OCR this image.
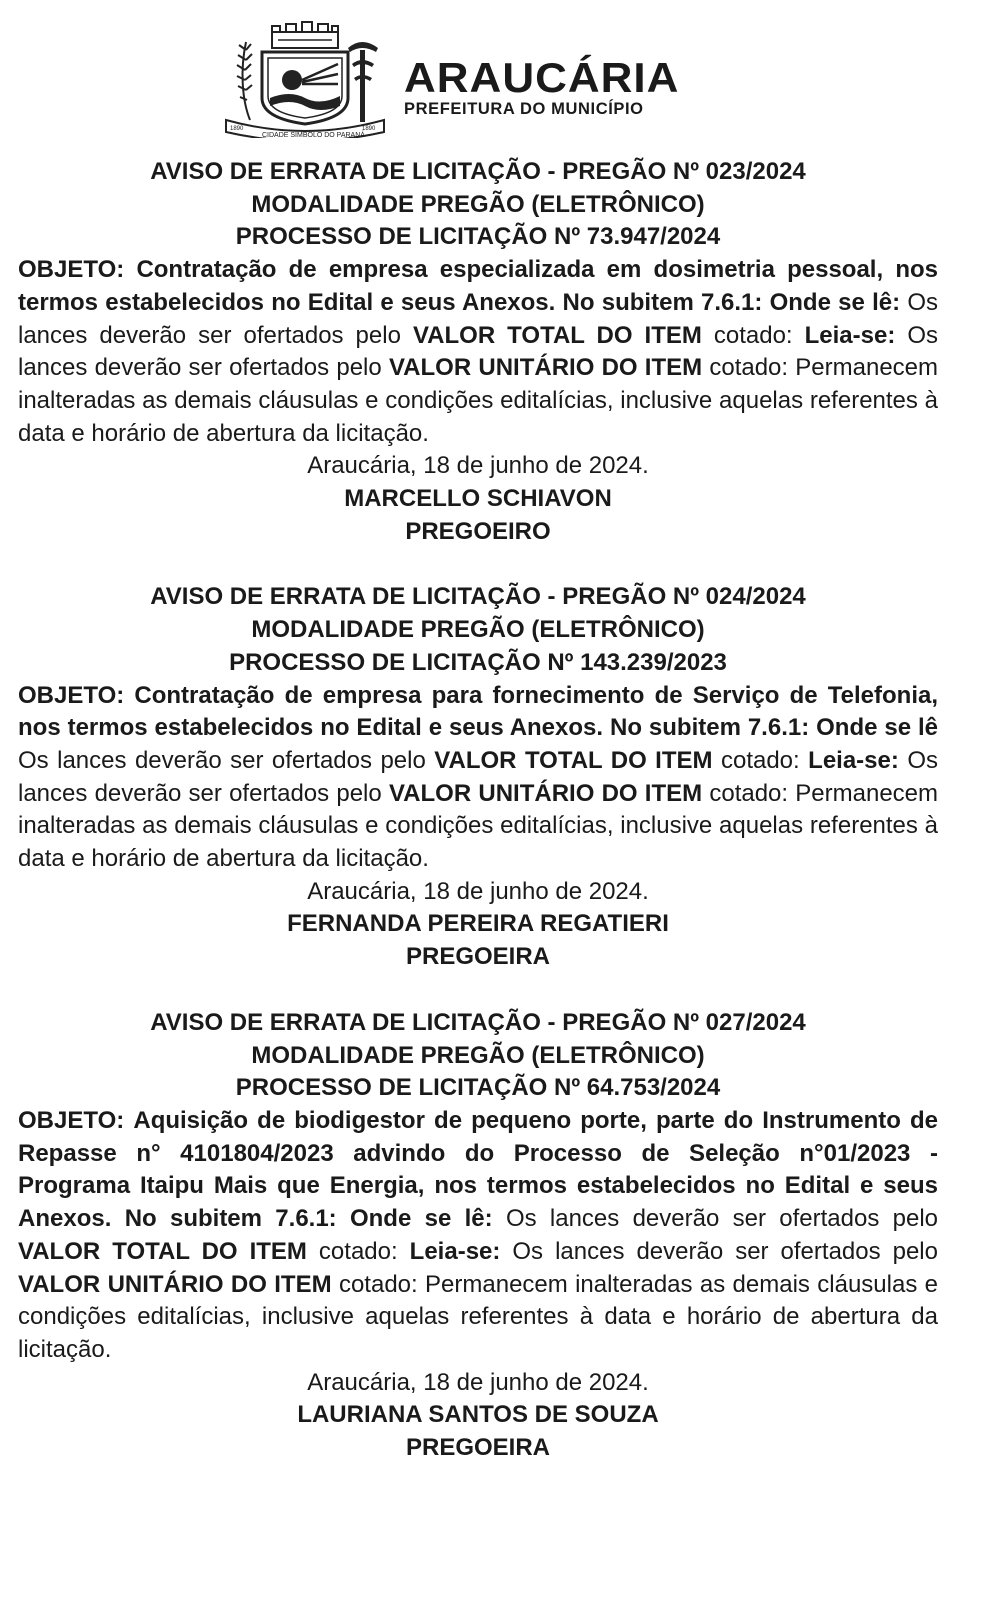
1890
CIDADE SÍMBOLO DO PARANÁ
1890
ARAUCÁRIA
PREFEITURA DO MUNICÍPIO
AVISO DE ERRATA DE LICITAÇÃO - PREGÃO Nº 023/2024
MODALIDADE PREGÃO (ELETRÔNICO)
PROCESSO DE LICITAÇÃO Nº 73.947/2024
OBJETO: Contratação de empresa especializada em dosimetria pessoal, nos termos estabelecidos no Edital e seus Anexos. No subitem 7.6.1: Onde se lê: Os lances deverão ser ofertados pelo VALOR TOTAL DO ITEM cotado: Leia-se: Os lances deverão ser ofertados pelo VALOR UNITÁRIO DO ITEM cotado: Permanecem inalteradas as demais cláusulas e condições editalícias, inclusive aquelas referentes à data e horário de abertura da licitação.
Araucária, 18 de junho de 2024.
MARCELLO SCHIAVON
PREGOEIRO
AVISO DE ERRATA DE LICITAÇÃO - PREGÃO Nº 024/2024
MODALIDADE PREGÃO (ELETRÔNICO)
PROCESSO DE LICITAÇÃO Nº 143.239/2023
OBJETO: Contratação de empresa para fornecimento de Serviço de Telefonia, nos termos estabelecidos no Edital e seus Anexos. No subitem 7.6.1: Onde se lê Os lances deverão ser ofertados pelo VALOR TOTAL DO ITEM cotado: Leia-se: Os lances deverão ser ofertados pelo VALOR UNITÁRIO DO ITEM cotado: Permanecem inalteradas as demais cláusulas e condições editalícias, inclusive aquelas referentes à data e horário de abertura da licitação.
Araucária, 18 de junho de 2024.
FERNANDA PEREIRA REGATIERI
PREGOEIRA
AVISO DE ERRATA DE LICITAÇÃO - PREGÃO Nº 027/2024
MODALIDADE PREGÃO (ELETRÔNICO)
PROCESSO DE LICITAÇÃO Nº 64.753/2024
OBJETO: Aquisição de biodigestor de pequeno porte, parte do Instrumento de Repasse n° 4101804/2023 advindo do Processo de Seleção n°01/2023 - Programa Itaipu Mais que Energia, nos termos estabelecidos no Edital e seus Anexos. No subitem 7.6.1: Onde se lê: Os lances deverão ser ofertados pelo VALOR TOTAL DO ITEM cotado: Leia-se: Os lances deverão ser ofertados pelo VALOR UNITÁRIO DO ITEM cotado: Permanecem inalteradas as demais cláusulas e condições editalícias, inclusive aquelas referentes à data e horário de abertura da licitação.
Araucária, 18 de junho de 2024.
LAURIANA SANTOS DE SOUZA
PREGOEIRA
